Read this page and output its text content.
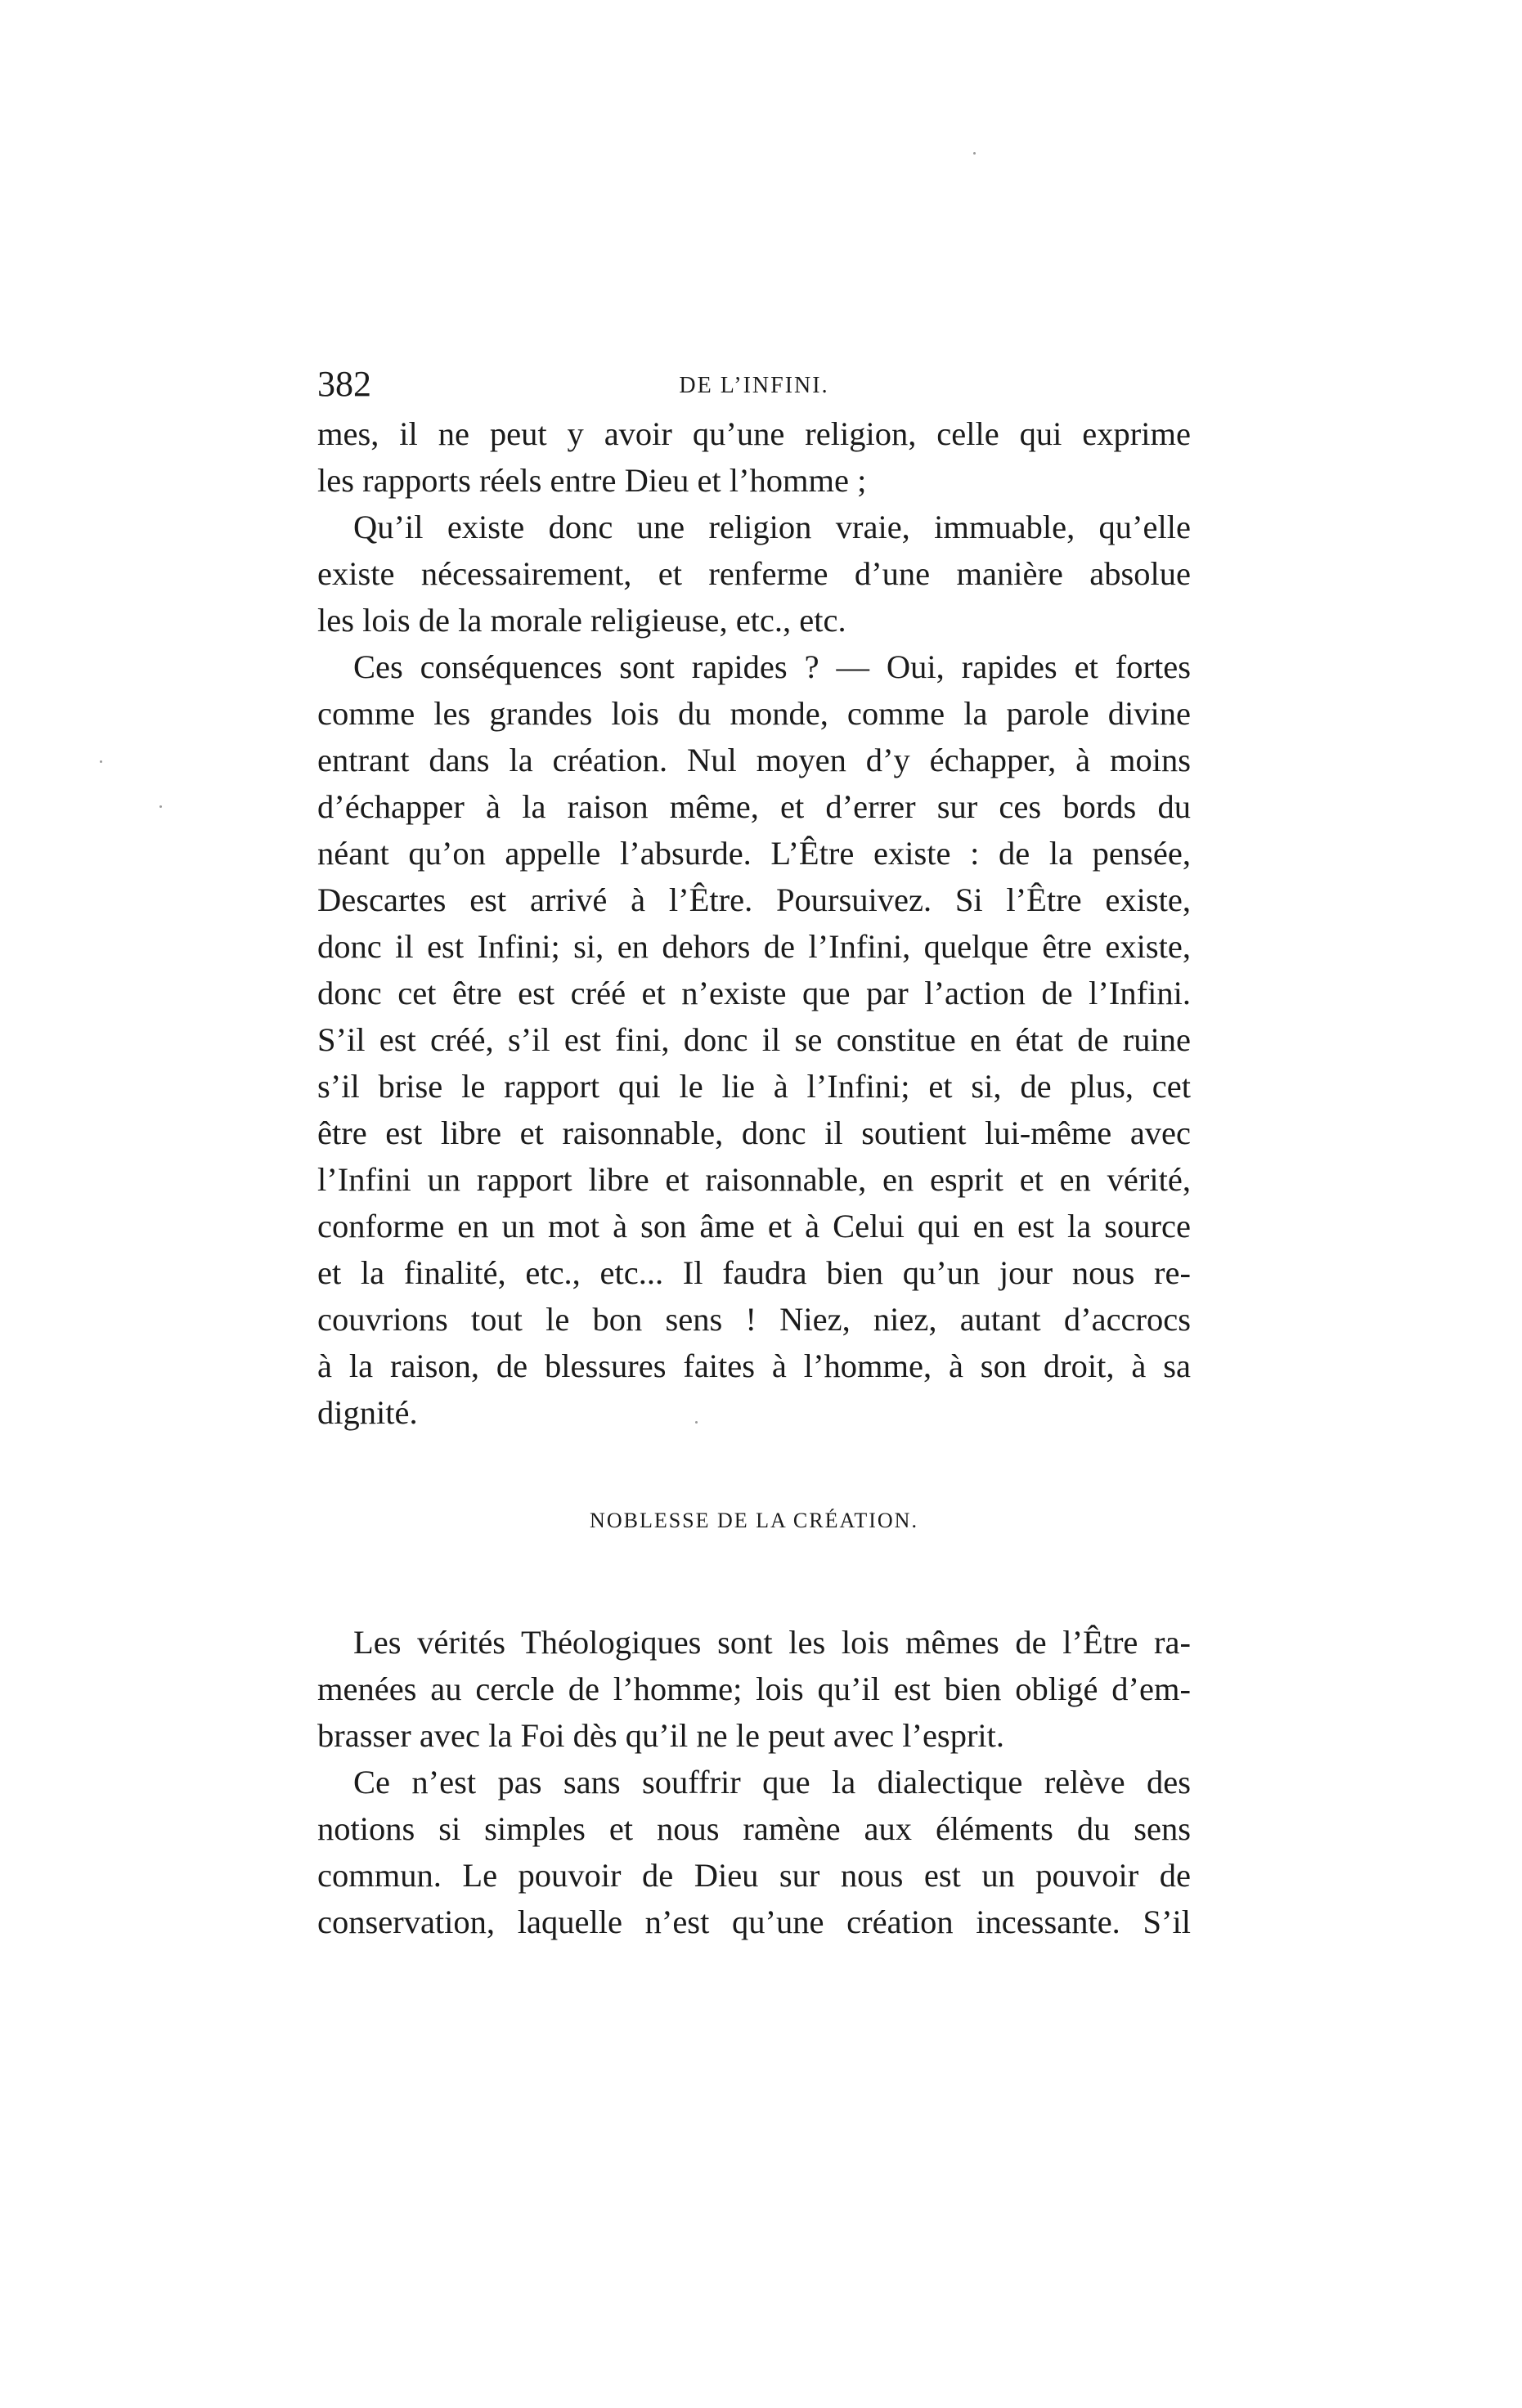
382	DE L’INFINI.
mes, il ne peut y avoir qu’une religion, celle qui exprime
les rapports réels entre Dieu et l’homme ;
Qu’il existe donc une religion vraie, immuable, qu’elle
existe nécessairement, et renferme d’une manière absolue
les lois de la morale religieuse, etc., etc.
Ces conséquences sont rapides ? — Oui, rapides et fortes
comme les grandes lois du monde, comme la parole divine
entrant dans la création. Nul moyen d’y échapper, à moins
d’échapper à la raison même, et d’errer sur ces bords du
néant qu’on appelle l’absurde. L’Être existe : de la pensée,
Descartes est arrivé à l’Être. Poursuivez. Si l’Être existe,
donc il est Infini; si, en dehors de l’Infini, quelque être existe,
donc cet être est créé et n’existe que par l’action de l’Infini.
S’il est créé, s’il est fini, donc il se constitue en état de ruine
s’il brise le rapport qui le lie à l’Infini; et si, de plus, cet
être est libre et raisonnable, donc il soutient lui-même avec
l’Infini un rapport libre et raisonnable, en esprit et en vérité,
conforme en un mot à son âme et à Celui qui en est la source
et la finalité, etc., etc... Il faudra bien qu’un jour nous re-
couvrions tout le bon sens ! Niez, niez, autant d’accrocs
à la raison, de blessures faites à l’homme, à son droit, à sa
dignité.
NOBLESSE DE LA CRÉATION.
Les vérités Théologiques sont les lois mêmes de l’Être ra-
menées au cercle de l’homme; lois qu’il est bien obligé d’em-
brasser avec la Foi dès qu’il ne le peut avec l’esprit.
Ce n’est pas sans souffrir que la dialectique relève des
notions si simples et nous ramène aux éléments du sens
commun. Le pouvoir de Dieu sur nous est un pouvoir de
conservation, laquelle n’est qu’une création incessante. S’il
